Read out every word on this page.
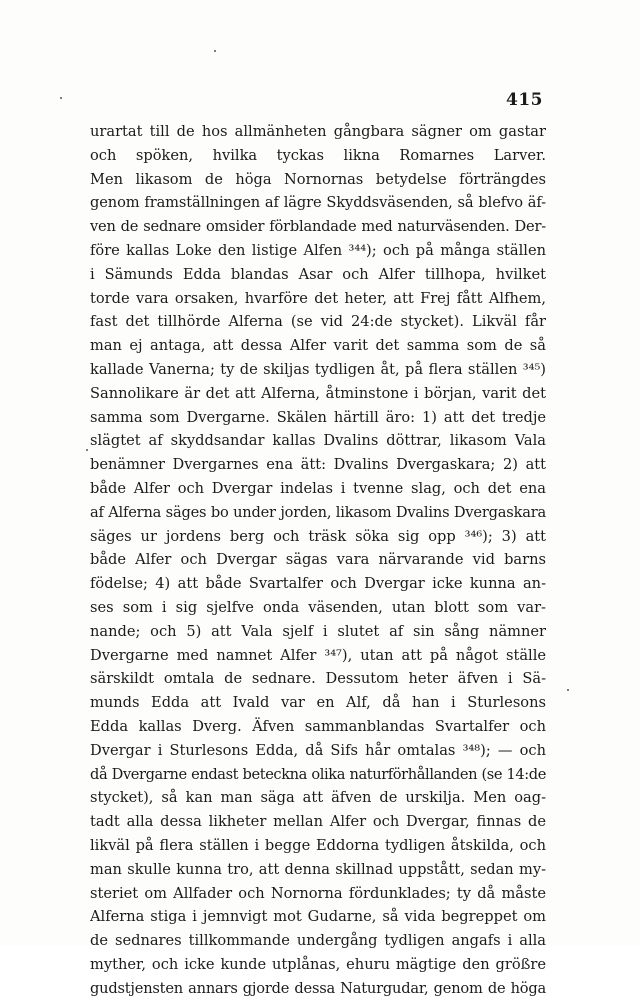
415
urartat till de hos allmänheten gångbara sägner om gastar
och spöken, hvilka tyckas likna Romarnes Larver.
Men likasom de höga Nornornas betydelse förträngdes
genom framställningen af lägre Skyddsväsenden, så blefvo äf-
ven de sednare omsider förblandade med naturväsenden. Der-
före kallas Loke den listige Alfen ³⁴⁴); och på många ställen
i Sämunds Edda blandas Asar och Alfer tillhopa, hvilket
torde vara orsaken, hvarföre det heter, att Frej fått Alfhem,
fast det tillhörde Alferna (se vid 24:de stycket). Likväl får
man ej antaga, att dessa Alfer varit det samma som de så
kallade Vanerna; ty de skiljas tydligen åt, på flera ställen ³⁴⁵)
Sannolikare är det att Alferna, åtminstone i början, varit det
samma som Dvergarne. Skälen härtill äro: 1) att det tredje
slägtet af skyddsandar kallas Dvalins döttrar, likasom Vala
benämner Dvergarnes ena ätt: Dvalins Dvergaskara; 2) att
både Alfer och Dvergar indelas i tvenne slag, och det ena
af Alferna säges bo under jorden, likasom Dvalins Dvergaskara
säges ur jordens berg och träsk söka sig opp ³⁴⁶); 3) att
både Alfer och Dvergar sägas vara närvarande vid barns
födelse; 4) att både Svartalfer och Dvergar icke kunna an-
ses som i sig sjelfve onda väsenden, utan blott som var-
nande; och 5) att Vala sjelf i slutet af sin sång nämner
Dvergarne med namnet Alfer ³⁴⁷), utan att på något ställe
särskildt omtala de sednare. Dessutom heter äfven i Sä-
munds Edda att Ivald var en Alf, då han i Sturlesons
Edda kallas Dverg. Äfven sammanblandas Svartalfer och
Dvergar i Sturlesons Edda, då Sifs hår omtalas ³⁴⁸); — och
då Dvergarne endast beteckna olika naturförhållanden (se 14:de
stycket), så kan man säga att äfven de urskilja. Men oag-
tadt alla dessa likheter mellan Alfer och Dvergar, finnas de
likväl på flera ställen i begge Eddorna tydligen åtskilda, och
man skulle kunna tro, att denna skillnad uppstått, sedan my-
steriet om Allfader och Nornorna fördunklades; ty då måste
Alferna stiga i jemnvigt mot Gudarne, så vida begreppet om
de sednares tillkommande undergång tydligen angafs i alla
myther, och icke kunde utplånas, ehuru mägtige den größre
gudstjensten annars gjorde dessa Naturgudar, genom de höga
